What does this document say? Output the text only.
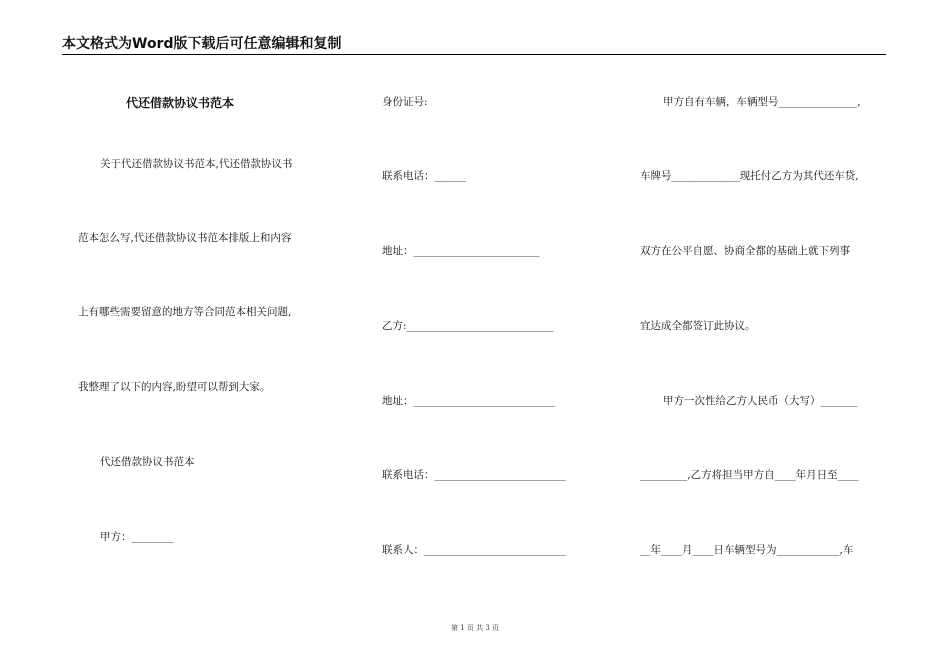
本文格式为Word版下载后可任意编辑和复制
代还借款协议书范本
关于代还借款协议书范本,代还借款协议书
范本怎么写,代还借款协议书范本排版上和内容
上有哪些需要留意的地方等合同范本相关问题,
我整理了以下的内容,盼望可以帮到大家。
代还借款协议书范本
甲方：________
身份证号:
联系电话：______
地址：________________________
乙方:____________________________
地址：___________________________
联系电话：_________________________
联系人：___________________________
甲方自有车辆，车辆型号_______________,
车牌号_____________现托付乙方为其代还车贷,
双方在公平自愿、协商全都的基础上就下列事
宜达成全都签订此协议。
甲方一次性给乙方人民币（大写）_______
_________,乙方将担当甲方自____年月日至____
__年____月____日车辆型号为____________,车
第 1 页 共 3 页
